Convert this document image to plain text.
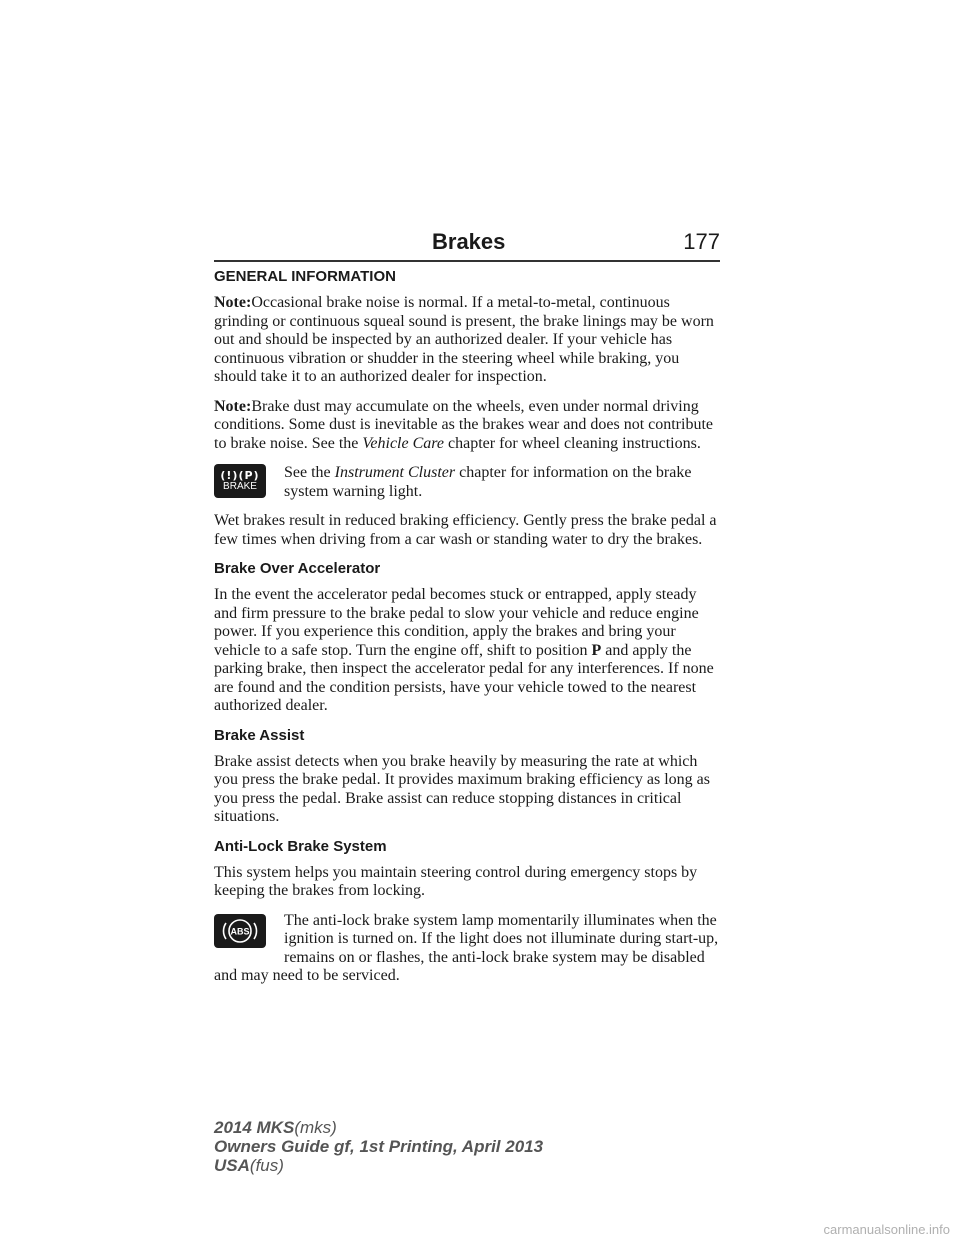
Brakes	177
GENERAL INFORMATION

Note:Occasional brake noise is normal. If a metal-to-metal, continuous grinding or continuous squeal sound is present, the brake linings may be worn out and should be inspected by an authorized dealer. If your vehicle has continuous vibration or shudder in the steering wheel while braking, you should take it to an authorized dealer for inspection.

Note:Brake dust may accumulate on the wheels, even under normal driving conditions. Some dust is inevitable as the brakes wear and does not contribute to brake noise. See the Vehicle Care chapter for wheel cleaning instructions.

(!)(P)
BRAKE
See the Instrument Cluster chapter for information on the brake system warning light.

Wet brakes result in reduced braking efficiency. Gently press the brake pedal a few times when driving from a car wash or standing water to dry the brakes.

Brake Over Accelerator

In the event the accelerator pedal becomes stuck or entrapped, apply steady and firm pressure to the brake pedal to slow your vehicle and reduce engine power. If you experience this condition, apply the brakes and bring your vehicle to a safe stop. Turn the engine off, shift to position P and apply the parking brake, then inspect the accelerator pedal for any interferences. If none are found and the condition persists, have your vehicle towed to the nearest authorized dealer.

Brake Assist

Brake assist detects when you brake heavily by measuring the rate at which you press the brake pedal. It provides maximum braking efficiency as long as you press the pedal. Brake assist can reduce stopping distances in critical situations.

Anti-Lock Brake System

This system helps you maintain steering control during emergency stops by keeping the brakes from locking.

ABS
The anti-lock brake system lamp momentarily illuminates when the ignition is turned on. If the light does not illuminate during start-up, remains on or flashes, the anti-lock brake system may be disabled and may need to be serviced.
2014 MKS(mks)
Owners Guide gf, 1st Printing, April 2013
USA(fus)
carmanualsonline.info
